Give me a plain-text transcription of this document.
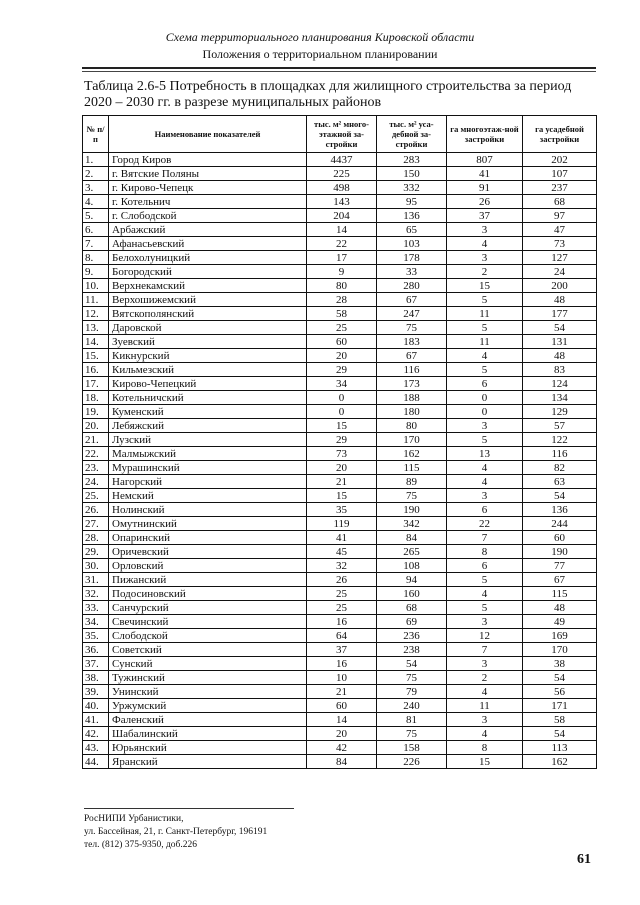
Схема территориального планирования Кировской области
Положения о территориальном планировании
Таблица 2.6-5 Потребность в площадках для жилищного строительства за период
2020 – 2030 гг. в разрезе муниципальных районов
№ п/п	Наименование показателей	тыс. м² много-этажной за-стройки	тыс. м² уса-дебной за-стройки	га многоэтаж-ной застройки	га усадебной застройки
1.	Город Киров	4437	283	807	202
2.	г. Вятские Поляны	225	150	41	107
3.	г. Кирово-Чепецк	498	332	91	237
4.	г. Котельнич	143	95	26	68
5.	г. Слободской	204	136	37	97
6.	Арбажский	14	65	3	47
7.	Афанасьевский	22	103	4	73
8.	Белохолуницкий	17	178	3	127
9.	Богородский	9	33	2	24
10.	Верхнекамский	80	280	15	200
11.	Верхошижемский	28	67	5	48
12.	Вятскополянский	58	247	11	177
13.	Даровской	25	75	5	54
14.	Зуевский	60	183	11	131
15.	Кикнурский	20	67	4	48
16.	Кильмезский	29	116	5	83
17.	Кирово-Чепецкий	34	173	6	124
18.	Котельничский	0	188	0	134
19.	Куменский	0	180	0	129
20.	Лебяжский	15	80	3	57
21.	Лузский	29	170	5	122
22.	Малмыжский	73	162	13	116
23.	Мурашинский	20	115	4	82
24.	Нагорский	21	89	4	63
25.	Немский	15	75	3	54
26.	Нолинский	35	190	6	136
27.	Омутнинский	119	342	22	244
28.	Опаринский	41	84	7	60
29.	Оричевский	45	265	8	190
30.	Орловский	32	108	6	77
31.	Пижанский	26	94	5	67
32.	Подосиновский	25	160	4	115
33.	Санчурский	25	68	5	48
34.	Свечинский	16	69	3	49
35.	Слободской	64	236	12	169
36.	Советский	37	238	7	170
37.	Сунский	16	54	3	38
38.	Тужинский	10	75	2	54
39.	Унинский	21	79	4	56
40.	Уржумский	60	240	11	171
41.	Фаленский	14	81	3	58
42.	Шабалинский	20	75	4	54
43.	Юрьянский	42	158	8	113
44.	Яранский	84	226	15	162
РосНИПИ Урбанистики,
ул. Бассейная, 21, г. Санкт-Петербург, 196191
тел. (812) 375-9350, доб.226
61
